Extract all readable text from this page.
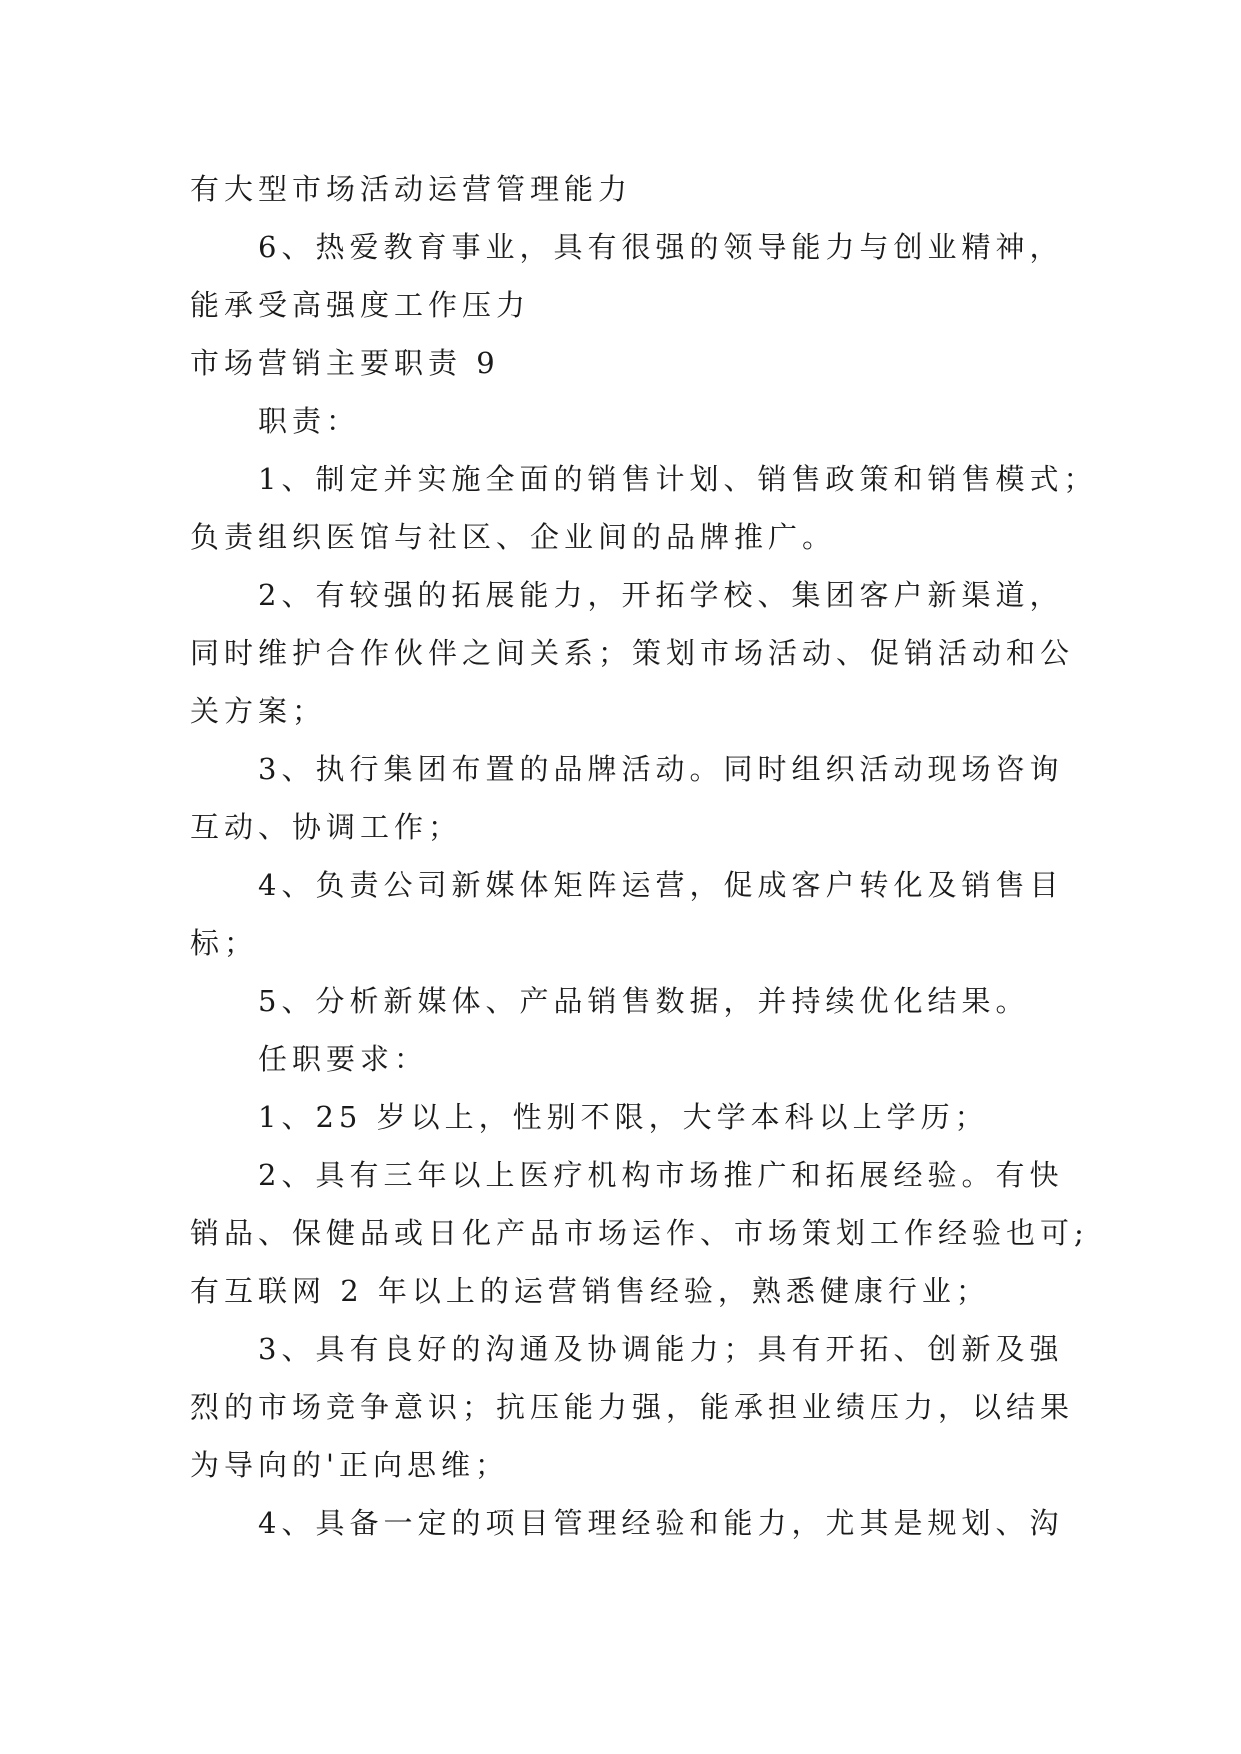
有大型市场活动运营管理能力
6、热爱教育事业，具有很强的领导能力与创业精神，
能承受高强度工作压力
市场营销主要职责 9
职责：
1、制定并实施全面的销售计划、销售政策和销售模式；
负责组织医馆与社区、企业间的品牌推广。
2、有较强的拓展能力，开拓学校、集团客户新渠道，
同时维护合作伙伴之间关系；策划市场活动、促销活动和公
关方案；
3、执行集团布置的品牌活动。同时组织活动现场咨询
互动、协调工作；
4、负责公司新媒体矩阵运营，促成客户转化及销售目
标；
5、分析新媒体、产品销售数据，并持续优化结果。
任职要求：
1、25 岁以上，性别不限，大学本科以上学历；
2、具有三年以上医疗机构市场推广和拓展经验。有快
销品、保健品或日化产品市场运作、市场策划工作经验也可;
有互联网 2 年以上的运营销售经验，熟悉健康行业；
3、具有良好的沟通及协调能力；具有开拓、创新及强
烈的市场竞争意识；抗压能力强，能承担业绩压力，以结果
为导向的'正向思维；
4、具备一定的项目管理经验和能力，尤其是规划、沟
